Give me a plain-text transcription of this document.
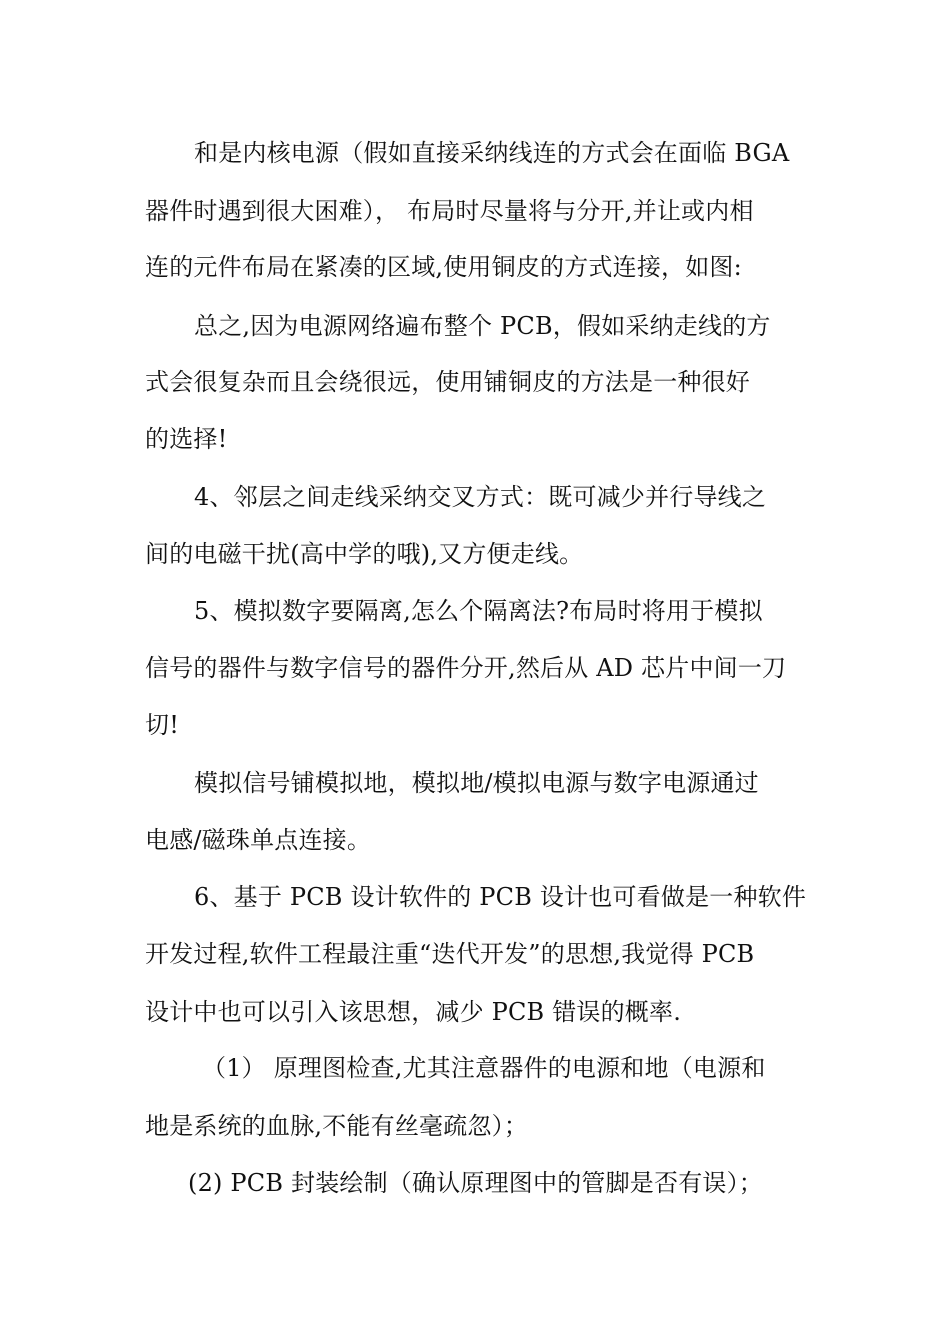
和是内核电源（假如直接采纳线连的方式会在面临 BGA
器件时遇到很大困难）， 布局时尽量将与分开,并让或内相
连的元件布局在紧凑的区域,使用铜皮的方式连接，如图:
总之,因为电源网络遍布整个 PCB，假如采纳走线的方
式会很复杂而且会绕很远，使用铺铜皮的方法是一种很好
的选择!
4、邻层之间走线采纳交叉方式：既可减少并行导线之
间的电磁干扰(高中学的哦),又方便走线。
5、模拟数字要隔离,怎么个隔离法?布局时将用于模拟
信号的器件与数字信号的器件分开,然后从 AD 芯片中间一刀
切!
模拟信号铺模拟地，模拟地/模拟电源与数字电源通过
电感/磁珠单点连接。
6、基于 PCB 设计软件的 PCB 设计也可看做是一种软件
开发过程,软件工程最注重“迭代开发”的思想,我觉得 PCB
设计中也可以引入该思想，减少 PCB 错误的概率.
（1） 原理图检查,尤其注意器件的电源和地（电源和
地是系统的血脉,不能有丝毫疏忽）；
(2) PCB 封装绘制（确认原理图中的管脚是否有误）；
